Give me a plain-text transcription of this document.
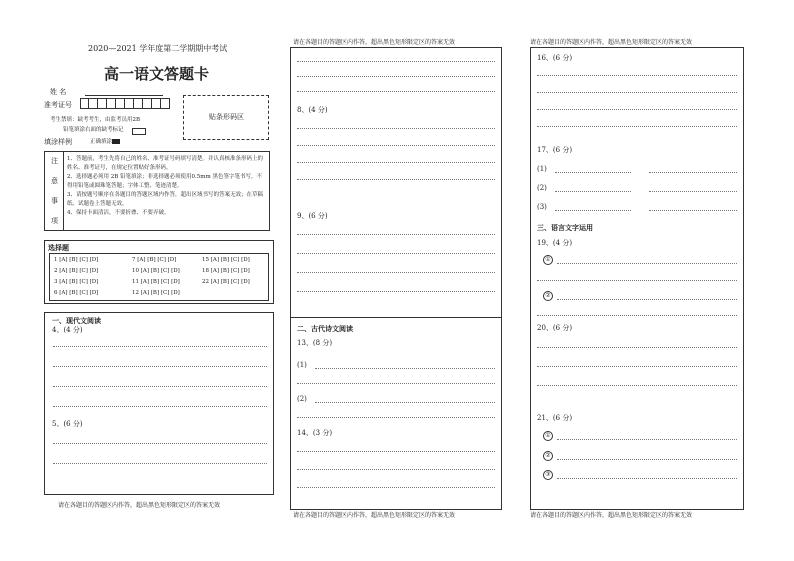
2020—2021 学年度第二学期期中考试
高一语文答题卡
姓 名
准考证号
贴条形码区
考生禁填：缺考考生，由监考员用2B
铅笔填涂右面的缺考标记
填涂样例	正确填涂
注
意
事
项
1、答题前，考生先将自己的姓名、准考证号码填写清楚。并认真核准条形码上的姓名、准考证号，在规定位置贴好条形码。
2、选择题必须用 2B 铅笔填涂；非选择题必须使用0.5mm 黑色签字笔书写，不得用铅笔或圆珠笔答题；字体工整、笔迹清楚。
3、请按题号顺序在各题目的答题区域内作答，超出区域书写的答案无效；在草稿纸、试题卷上答题无效。
4、保持卡面清洁，不要折叠、不要弄破。
选择题
1 [A] [B] [C] [D]	7 [A] [B] [C] [D]	15 [A] [B] [C] [D]
2 [A] [B] [C] [D]	10 [A] [B] [C] [D]	18 [A] [B] [C] [D]
3 [A] [B] [C] [D]	11 [A] [B] [C] [D]	22 [A] [B] [C] [D]
6 [A] [B] [C] [D]	12 [A] [B] [C] [D]
一、现代文阅读
4、(4 分)
5、(6 分)
请在各题目的答题区内作答，超出黑色矩形限定区的答案无效
请在各题目的答题区内作答，超出黑色矩形限定区的答案无效
8、(4 分)
9、(6 分)
二、古代诗文阅读
13、(8 分)
(1)
(2)
14、(3 分)
请在各题目的答题区内作答，超出黑色矩形限定区的答案无效
请在各题目的答题区内作答，超出黑色矩形限定区的答案无效
16、(6 分)
17、(6 分)
(1)
(2)
(3)
三、语言文字运用
19、(4 分)
①
②
20、(6 分)
21、(6 分)
①
②
③
请在各题目的答题区内作答，超出黑色矩形限定区的答案无效
